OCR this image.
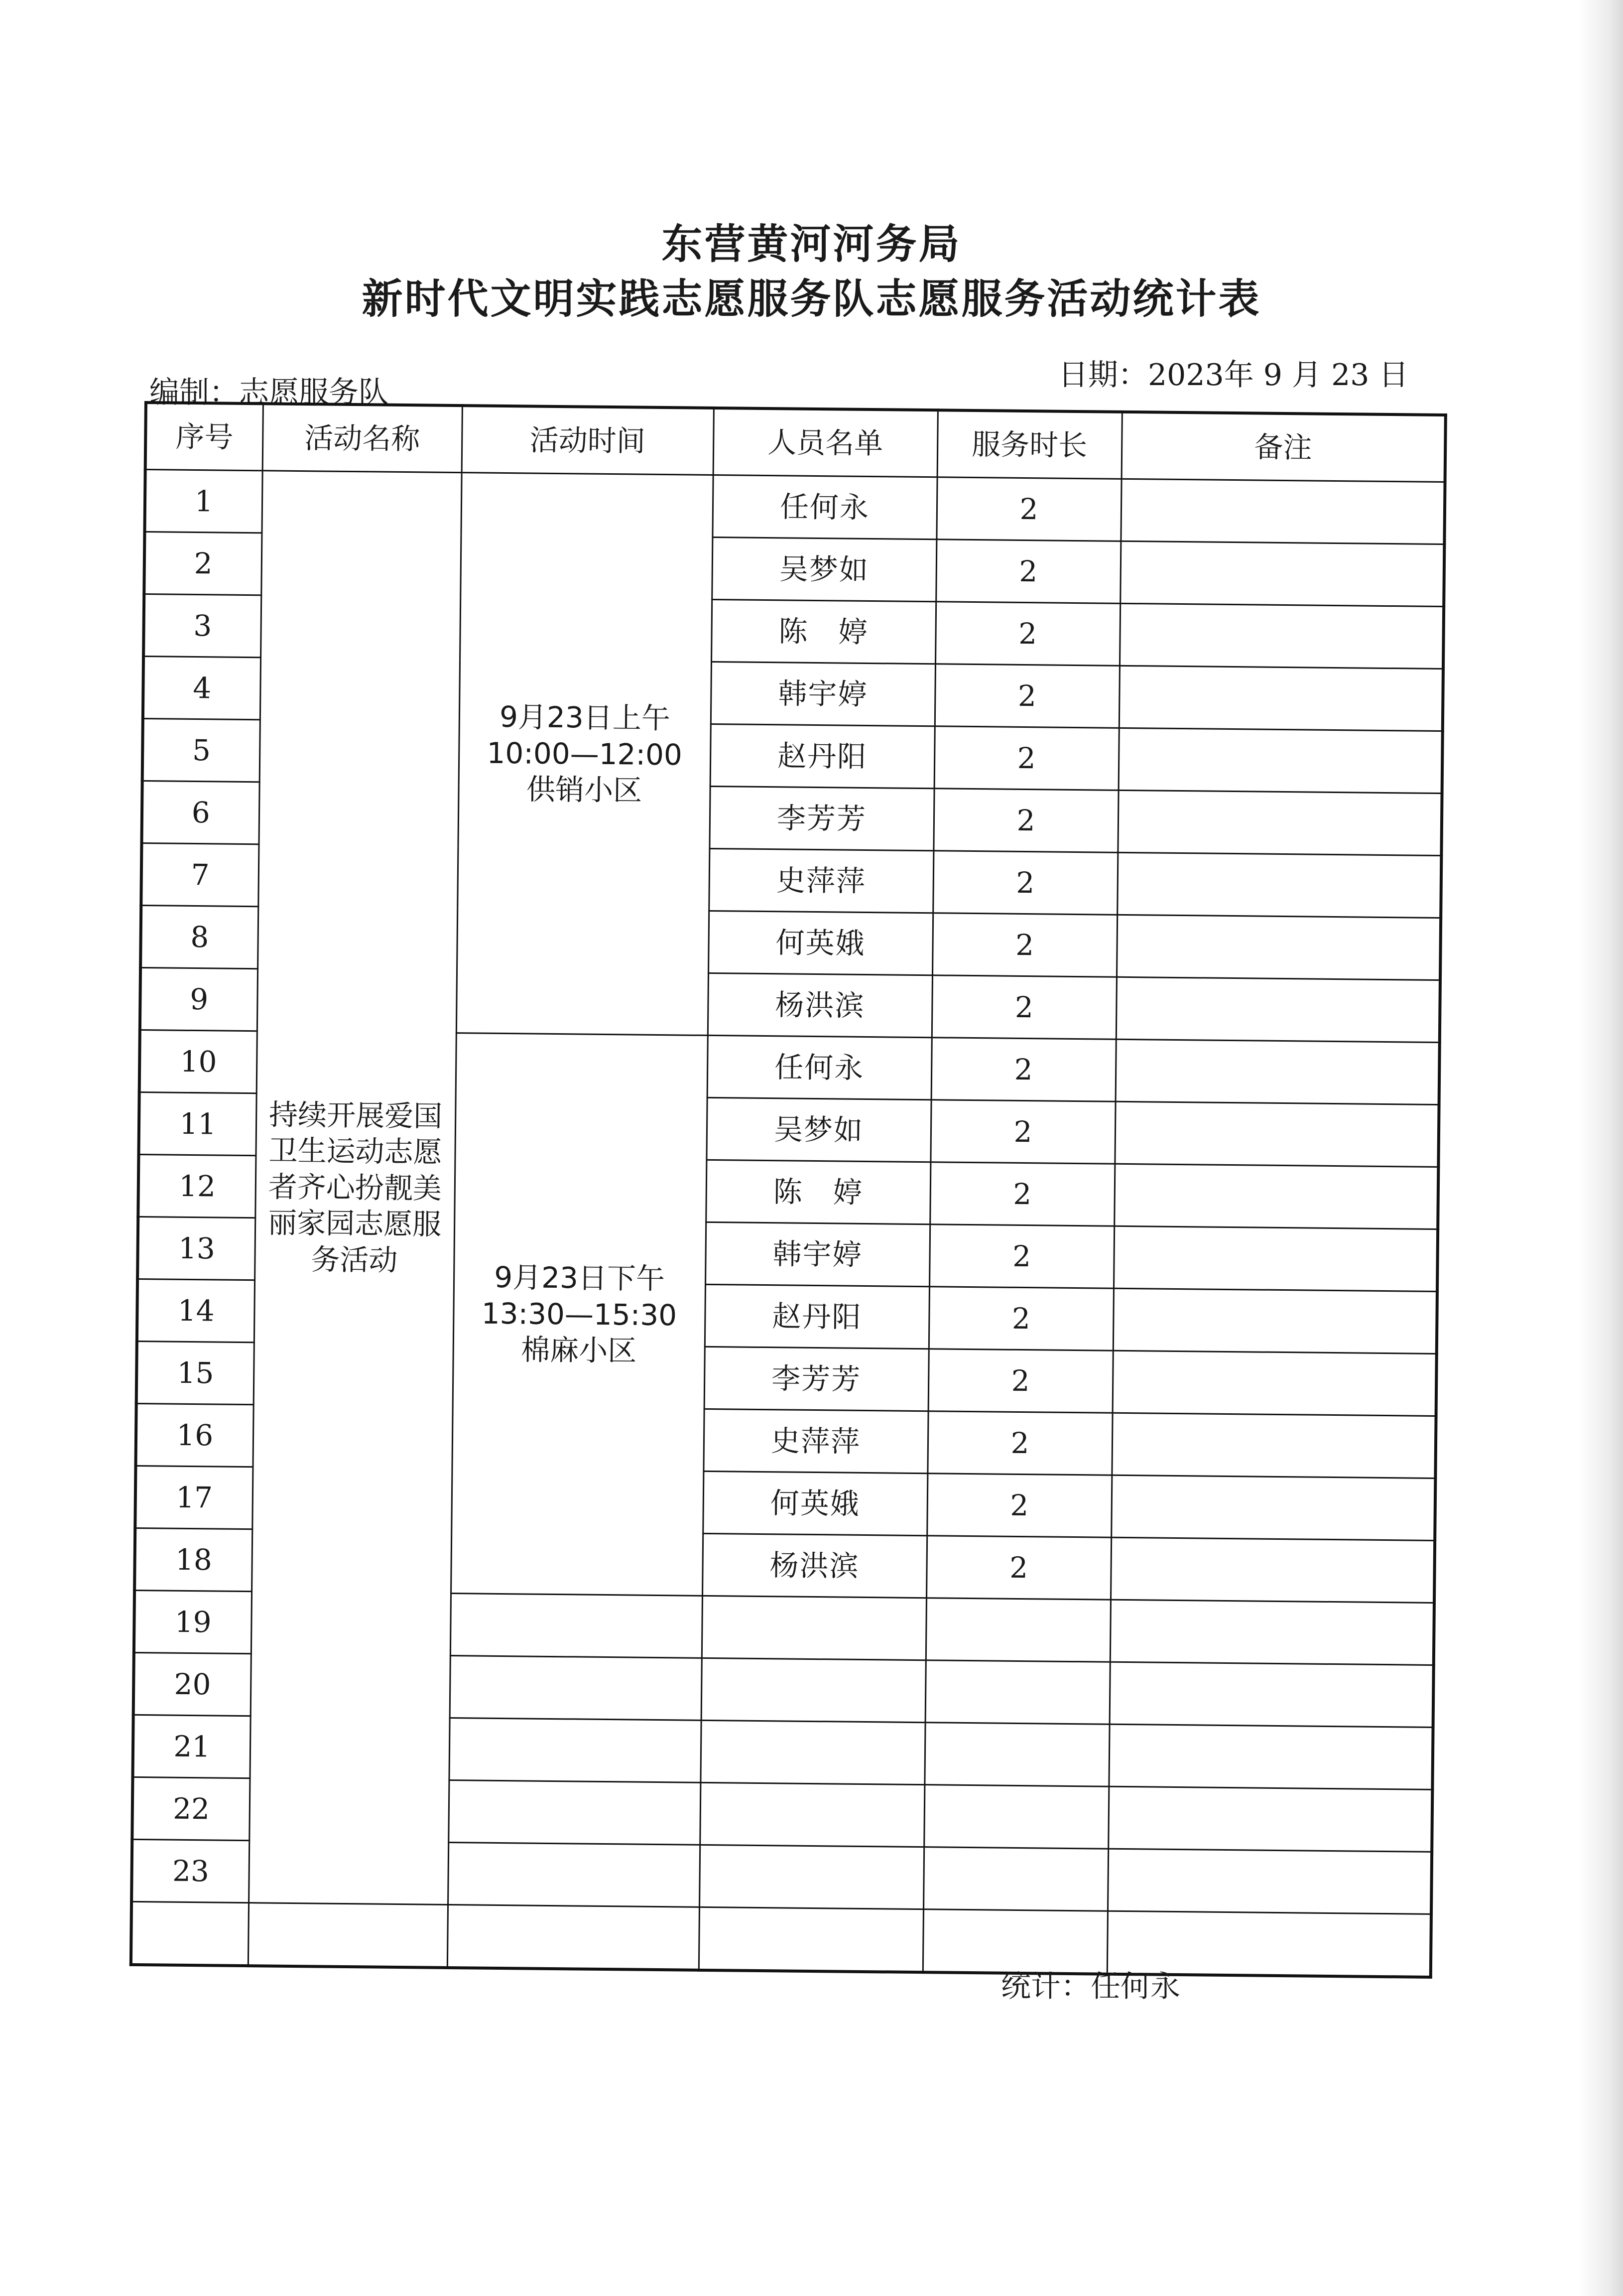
东营黄河河务局
新时代文明实践志愿服务队志愿服务活动统计表
编制：志愿服务队	日期：2023年 9 月 23 日
序号	活动名称	活动时间	人员名单	服务时长	备注
1	持续开展爱国卫生运动志愿者齐心扮靓美丽家园志愿服务活动	9月23日上午
10:00—12:00
供销小区	任何永	2	
2			吴梦如	2	
3			陈　婷	2	
4			韩宇婷	2	
5			赵丹阳	2	
6			李芳芳	2	
7			史萍萍	2	
8			何英娥	2	
9			杨洪滨	2	
10		9月23日下午
13:30—15:30
棉麻小区	任何永	2	
11			吴梦如	2	
12			陈　婷	2	
13			韩宇婷	2	
14			赵丹阳	2	
15			李芳芳	2	
16			史萍萍	2	
17			何英娥	2	
18			杨洪滨	2	
19					
20					
21					
22					
23					

统计：任何永
